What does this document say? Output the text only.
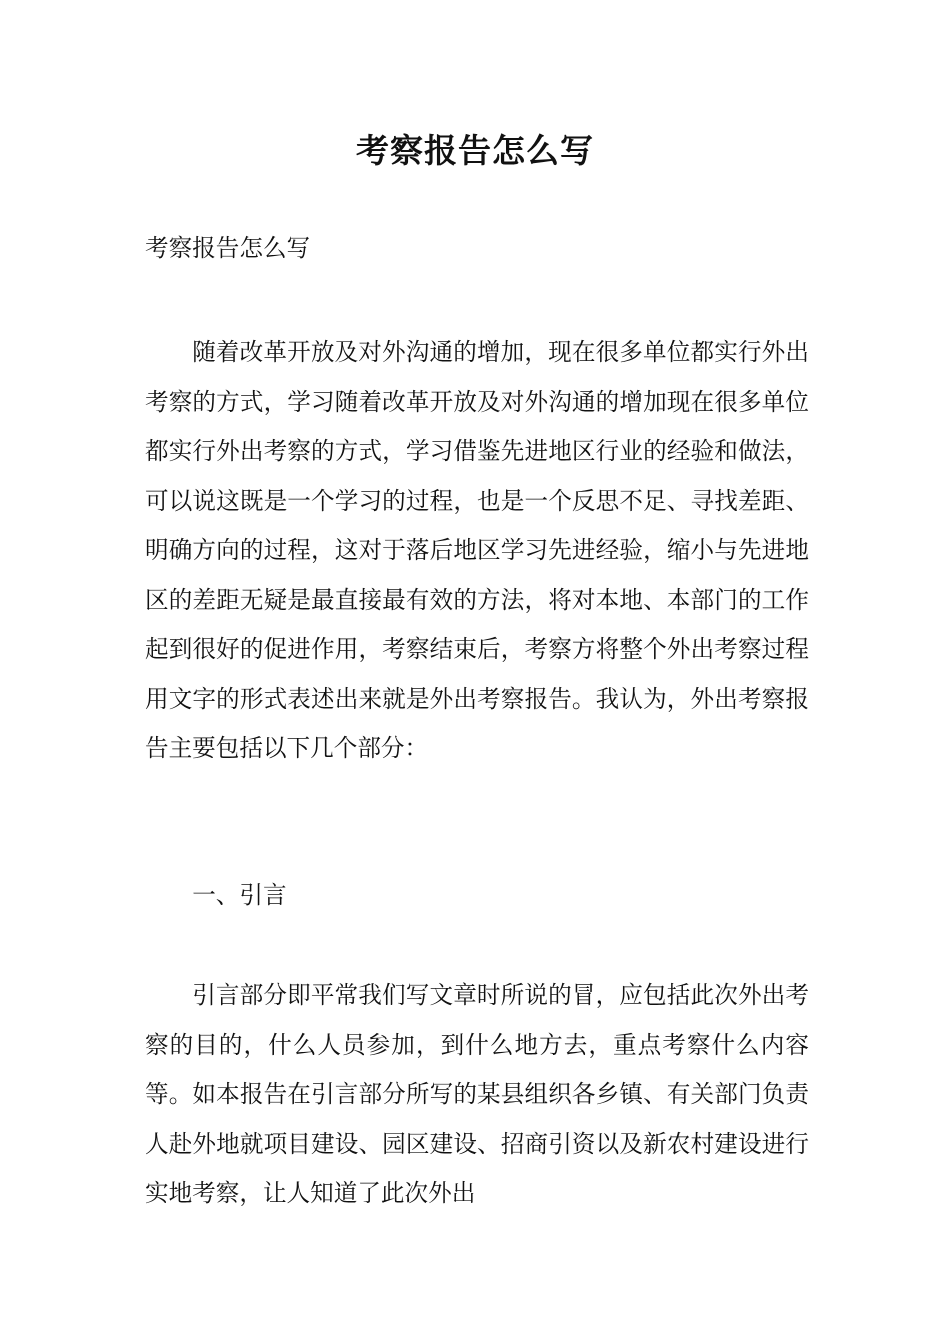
考察报告怎么写

考察报告怎么写

随着改革开放及对外沟通的增加，现在很多单位都实行外出考察的方式，学习随着改革开放及对外沟通的增加现在很多单位都实行外出考察的方式，学习借鉴先进地区行业的经验和做法，可以说这既是一个学习的过程，也是一个反思不足、寻找差距、明确方向的过程，这对于落后地区学习先进经验，缩小与先进地区的差距无疑是最直接最有效的方法，将对本地、本部门的工作起到很好的促进作用，考察结束后，考察方将整个外出考察过程用文字的形式表述出来就是外出考察报告。我认为，外出考察报告主要包括以下几个部分：

一、引言

引言部分即平常我们写文章时所说的冒，应包括此次外出考察的目的，什么人员参加，到什么地方去，重点考察什么内容等。如本报告在引言部分所写的某县组织各乡镇、有关部门负责人赴外地就项目建设、园区建设、招商引资以及新农村建设进行实地考察，让人知道了此次外出
